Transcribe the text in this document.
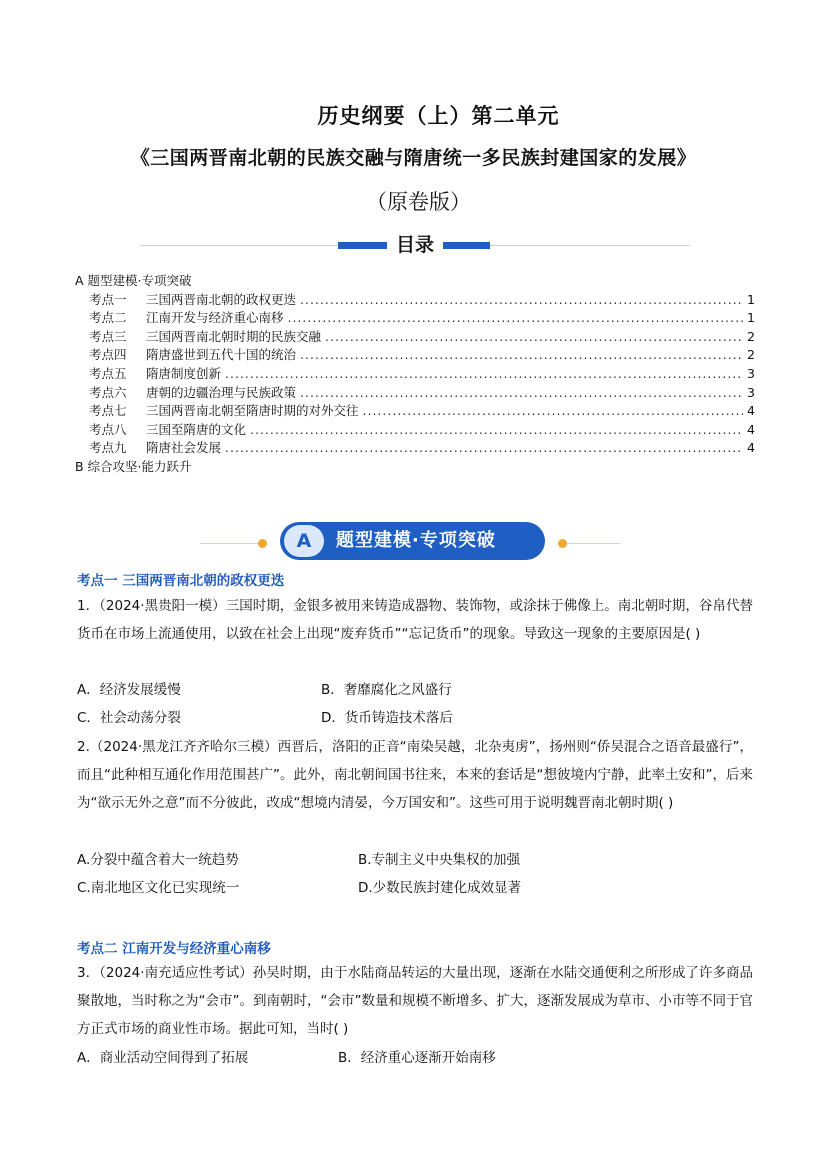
历史纲要（上）第二单元
《三国两晋南北朝的民族交融与隋唐统一多民族封建国家的发展》
（原卷版）
目录
A 题型建模·专项突破
考点一	三国两晋南北朝的政权更迭 .....	1
考点二	江南开发与经济重心南移 .....	1
考点三	三国两晋南北朝时期的民族交融 .....	2
考点四	隋唐盛世到五代十国的统治 .....	2
考点五	隋唐制度创新 .....	3
考点六	唐朝的边疆治理与民族政策 .....	3
考点七	三国两晋南北朝至隋唐时期的对外交往 .....	4
考点八	三国至隋唐的文化 .....	4
考点九	隋唐社会发展 .....	4
B 综合攻坚·能力跃升
A	题型建模·专项突破
考点一 三国两晋南北朝的政权更迭
1．（2024·黑贵阳一模）三国时期，金银多被用来铸造成器物、装饰物，或涂抹于佛像上。南北朝时期，谷帛代替货币在市场上流通使用，以致在社会上出现“废弃货币”“忘记货币”的现象。导致这一现象的主要原因是( )
A．经济发展缓慢	B．奢靡腐化之风盛行
C．社会动荡分裂	D．货币铸造技术落后
2.（2024·黑龙江齐齐哈尔三模）西晋后，洛阳的正音“南染吴越，北杂夷虏”，扬州则“侨吴混合之语音最盛行”，而且“此种相互通化作用范围甚广”。此外，南北朝间国书往来，本来的套话是“想彼境内宁静，此率土安和”，后来为“欲示无外之意”而不分彼此，改成“想境内清晏，今万国安和”。这些可用于说明魏晋南北朝时期( )
A.分裂中蕴含着大一统趋势	B.专制主义中央集权的加强
C.南北地区文化已实现统一	D.少数民族封建化成效显著
考点二 江南开发与经济重心南移
3．（2024·南充适应性考试）孙吴时期，由于水陆商品转运的大量出现，逐渐在水陆交通便利之所形成了许多商品聚散地，当时称之为“会市”。到南朝时，“会市”数量和规模不断增多、扩大，逐渐发展成为草市、小市等不同于官方正式市场的商业性市场。据此可知，当时( )
A．商业活动空间得到了拓展	B．经济重心逐渐开始南移
